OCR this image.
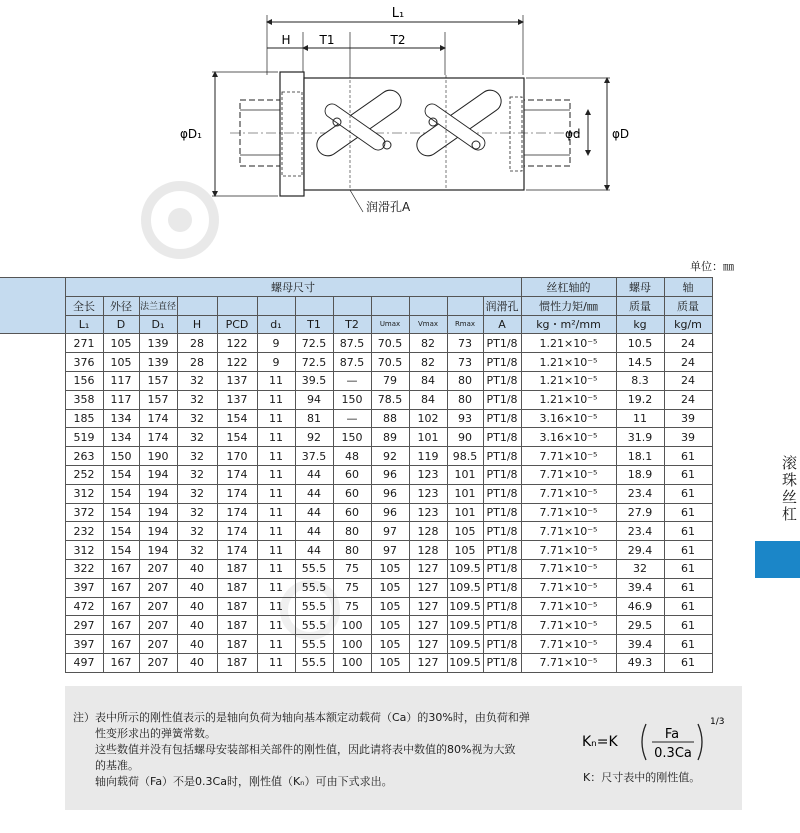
L₁
H T1	T2
φD₁	φd	φD
润滑孔A
单位：㎜
	螺母尺寸												丝杠轴的	螺母	轴
	全长	外径	法兰直径									润滑孔	惯性力矩/㎜	质量	质量
	L₁	D	D₁	H	PCD	d₁	T1	T2	Umax	Vmax	Rmax	A	kg・m²/mm	kg	kg/m
	271	105	139	28	122	9	72.5	87.5	70.5	82	73	PT1/8	1.21×10⁻⁵	10.5	24
	376	105	139	28	122	9	72.5	87.5	70.5	82	73	PT1/8	1.21×10⁻⁵	14.5	24
	156	117	157	32	137	11	39.5	—	79	84	80	PT1/8	1.21×10⁻⁵	8.3	24
	358	117	157	32	137	11	94	150	78.5	84	80	PT1/8	1.21×10⁻⁵	19.2	24
	185	134	174	32	154	11	81	—	88	102	93	PT1/8	3.16×10⁻⁵	11	39
	519	134	174	32	154	11	92	150	89	101	90	PT1/8	3.16×10⁻⁵	31.9	39
	263	150	190	32	170	11	37.5	48	92	119	98.5	PT1/8	7.71×10⁻⁵	18.1	61
	252	154	194	32	174	11	44	60	96	123	101	PT1/8	7.71×10⁻⁵	18.9	61
	312	154	194	32	174	11	44	60	96	123	101	PT1/8	7.71×10⁻⁵	23.4	61
	372	154	194	32	174	11	44	60	96	123	101	PT1/8	7.71×10⁻⁵	27.9	61
	232	154	194	32	174	11	44	80	97	128	105	PT1/8	7.71×10⁻⁵	23.4	61
	312	154	194	32	174	11	44	80	97	128	105	PT1/8	7.71×10⁻⁵	29.4	61
	322	167	207	40	187	11	55.5	75	105	127	109.5	PT1/8	7.71×10⁻⁵	32	61
	397	167	207	40	187	11	55.5	75	105	127	109.5	PT1/8	7.71×10⁻⁵	39.4	61
	472	167	207	40	187	11	55.5	75	105	127	109.5	PT1/8	7.71×10⁻⁵	46.9	61
	297	167	207	40	187	11	55.5	100	105	127	109.5	PT1/8	7.71×10⁻⁵	29.5	61
	397	167	207	40	187	11	55.5	100	105	127	109.5	PT1/8	7.71×10⁻⁵	39.4	61
	497	167	207	40	187	11	55.5	100	105	127	109.5	PT1/8	7.71×10⁻⁵	49.3	61
滚珠丝杠

注）表中所示的刚性值表示的是轴向负荷为轴向基本额定动载荷（Ca）的30%时，由负荷和弹

性变形求出的弹簧常数。

这些数值并没有包括螺母安装部相关部件的刚性值，因此请将表中数值的80%视为大致

的基准。

轴向载荷（Fa）不是0.3Ca时，刚性值（Kₙ）可由下式求出。

Kₙ=K	Fa
0.3Ca
1/3
K：尺寸表中的刚性值。
